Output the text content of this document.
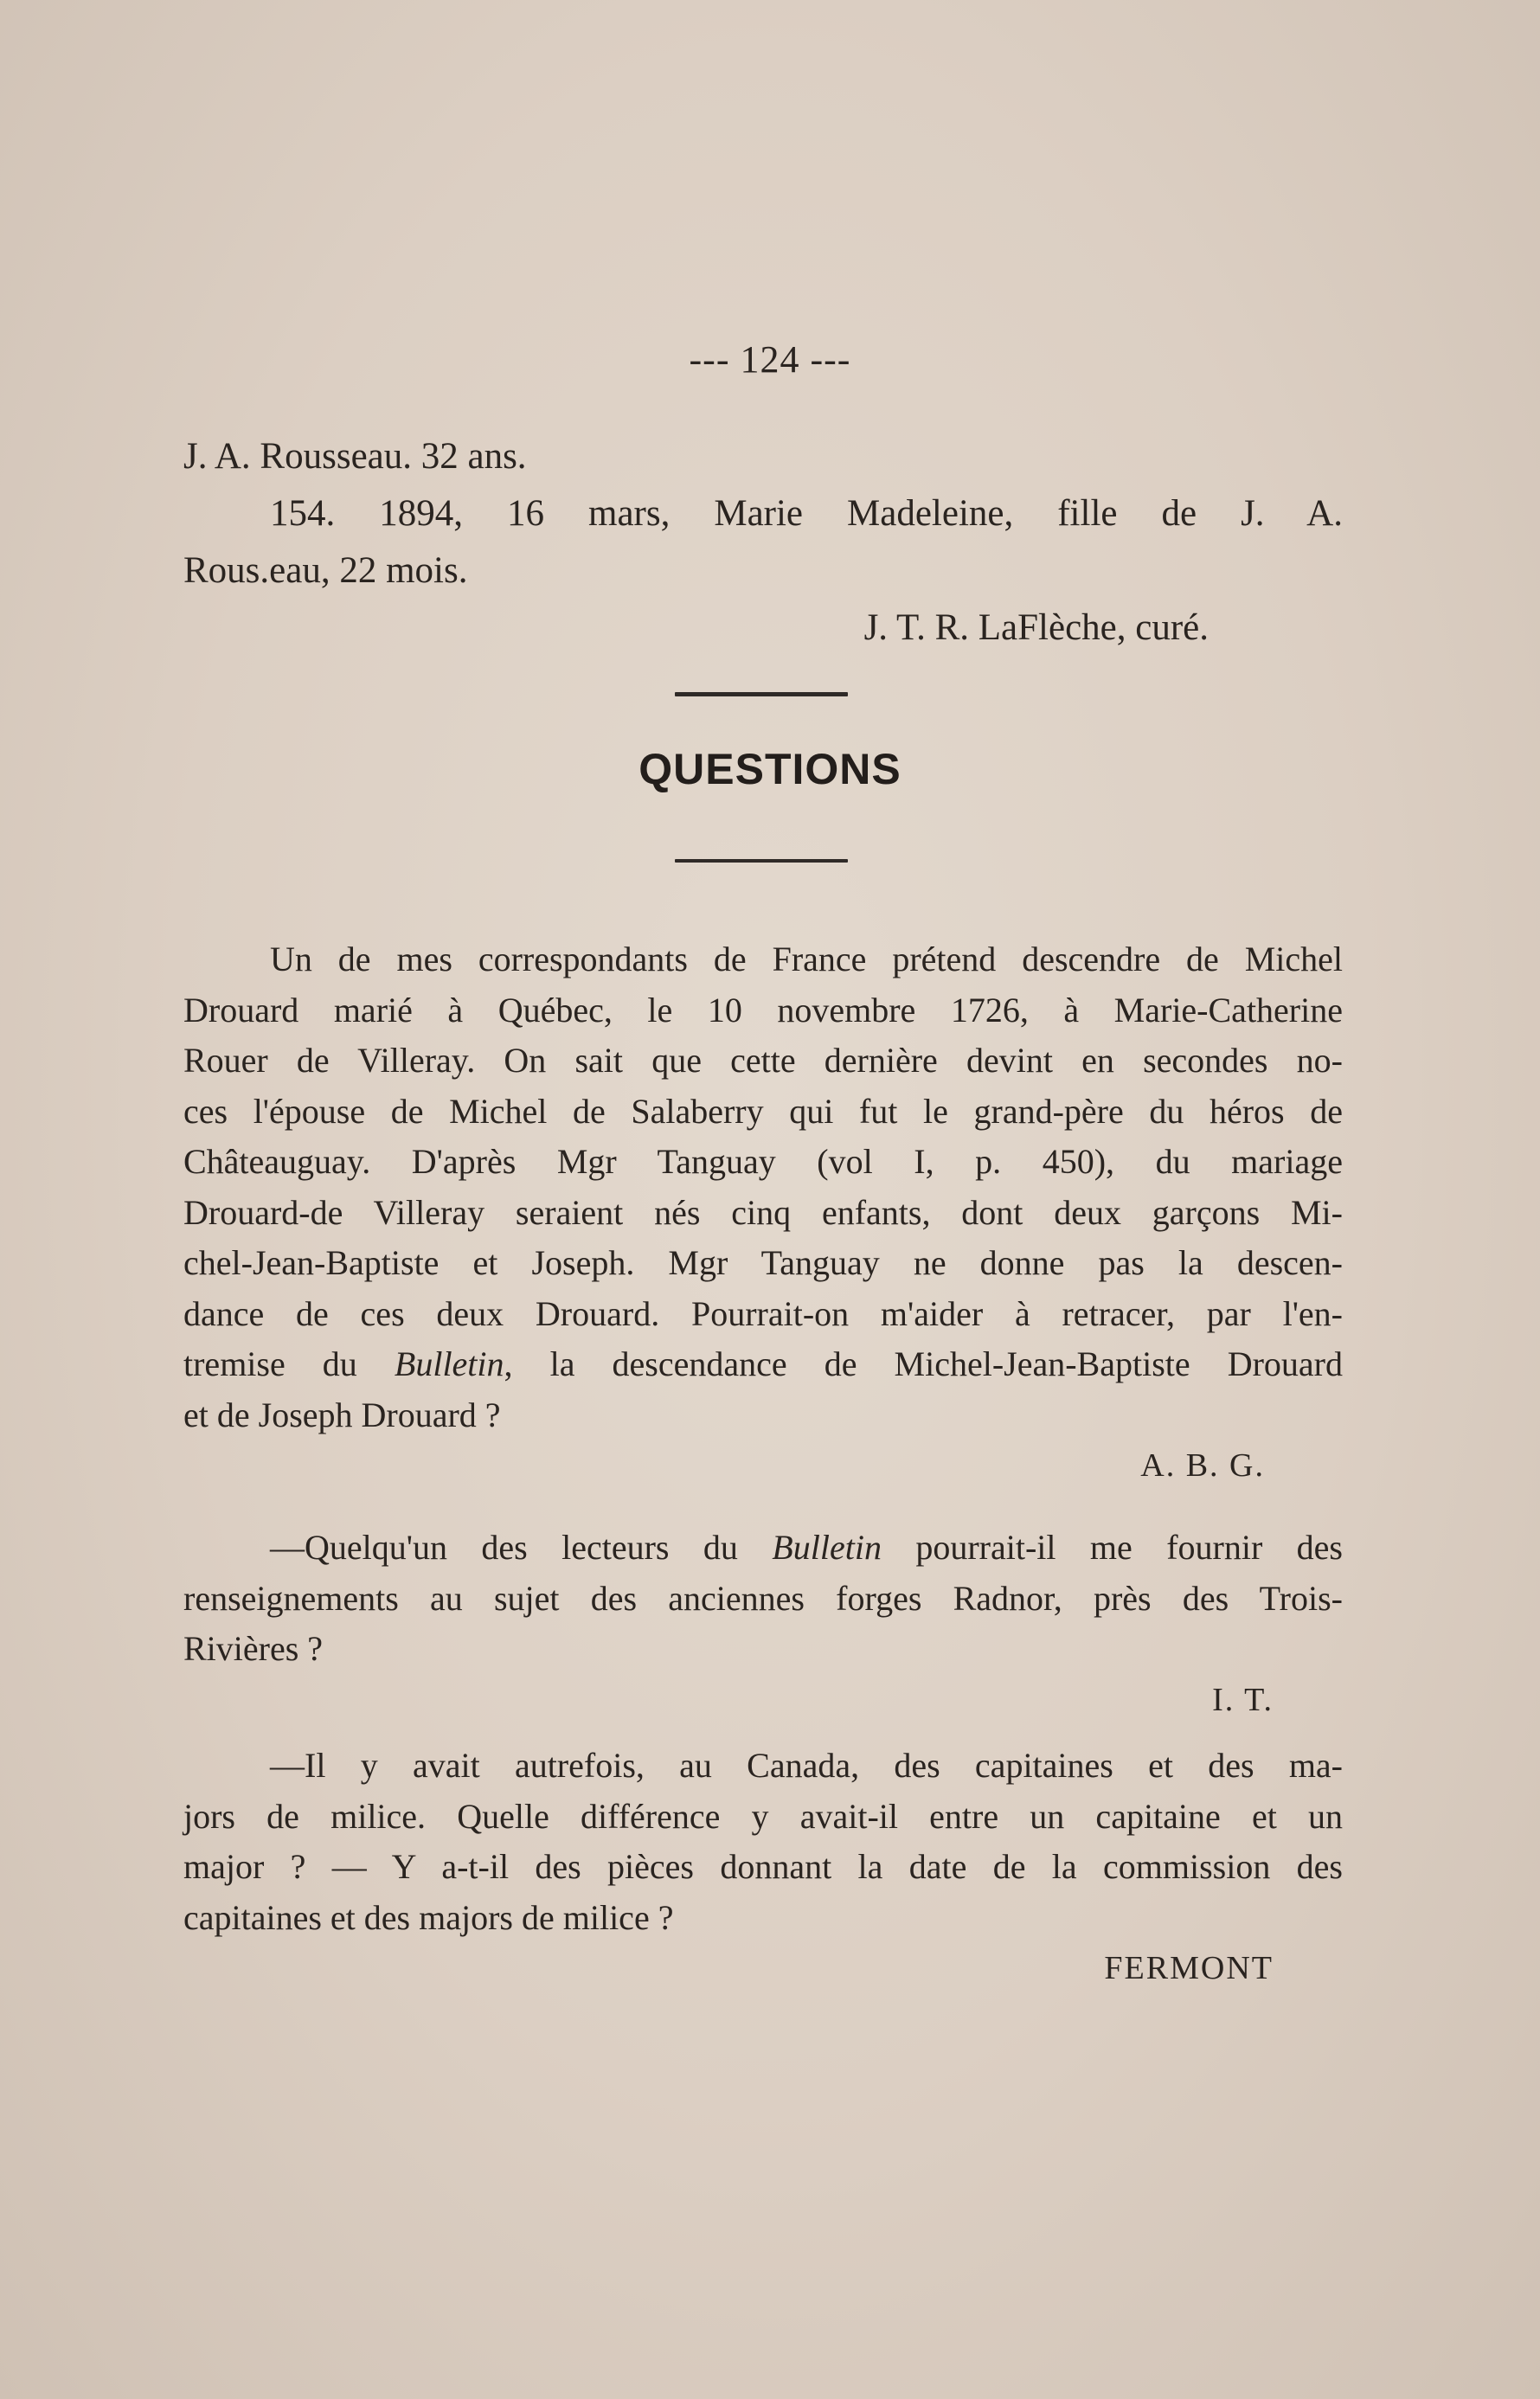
--- 124 ---
J. A. Rousseau. 32 ans.
154. 1894, 16 mars, Marie Madeleine, fille de J. A.
Rous.eau, 22 mois.
J. T. R. LaFlèche, curé.
QUESTIONS
Un de mes correspondants de France prétend descendre de Michel
Drouard marié à Québec, le 10 novembre 1726, à Marie-Catherine
Rouer de Villeray. On sait que cette dernière devint en secondes no-
ces l'épouse de Michel de Salaberry qui fut le grand-père du héros de
Châteauguay. D'après Mgr Tanguay (vol I, p. 450), du mariage
Drouard-de Villeray seraient nés cinq enfants, dont deux garçons Mi-
chel-Jean-Baptiste et Joseph. Mgr Tanguay ne donne pas la descen-
dance de ces deux Drouard. Pourrait-on m'aider à retracer, par l'en-
tremise du Bulletin, la descendance de Michel-Jean-Baptiste Drouard
et de Joseph Drouard ?
A. B. G.
—Quelqu'un des lecteurs du Bulletin pourrait-il me fournir des
renseignements au sujet des anciennes forges Radnor, près des Trois-
Rivières ?
I. T.
—Il y avait autrefois, au Canada, des capitaines et des ma-
jors de milice. Quelle différence y avait-il entre un capitaine et un
major ? — Y a-t-il des pièces donnant la date de la commission des
capitaines et des majors de milice ?
FERMONT
